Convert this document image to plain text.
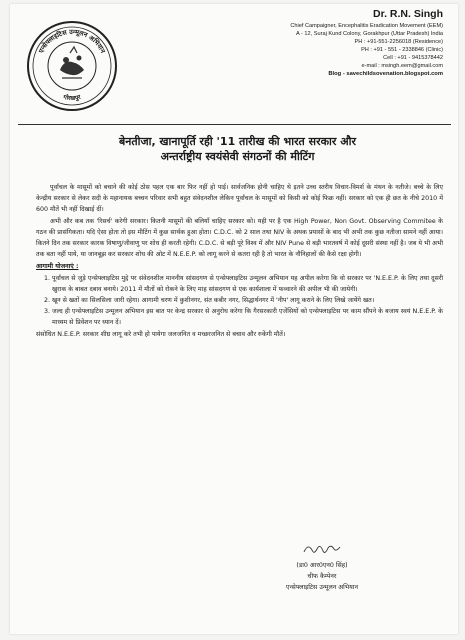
एन्सेफ्लाइटिस उन्मूलन अभियान
गोरखपुर
Dr. R.N. Singh
Chief Campaigner, Encephalitis Eradication Movement (EEM)
A - 12, Suraj Kund Colony, Gorakhpur (Uttar Pradesh) India
PH : +91-551-2256018 (Residence)
PH : +91 - 551 - 2338846 (Clinic)
Cell : +91 - 9415378442
e-mail : msingh.eem@gmail.com
Blog - savechildsovenation.blogspot.com
बेनतीजा, खानापूर्ति रही '11 तारीख की भारत सरकार और
अन्तर्राष्ट्रीय स्वयंसेवी संगठनों की मीटिंग

पूर्वांचल के मासूमों को बचाने की कोई ठोस पहल एक बार फिर नहीं हो पाई। सार्वजनिक होनी चाहिए थे इतने उच्च स्तरीय विचार-विमर्श के मंथन के नतीजे। बच्चे के लिए केन्द्रीय सरकार से लेकर सदी के महानायक बच्चन परिवार सभी बहुत संवेदनशील लेकिन पूर्वांचल के मासूमों को किसी को कोई फिक्र नहीं। सरकार को एक ही छत के नीचे 2010 में 600 मौतें भी नहीं दिखाई दीं।

अभी और कब तक 'रिसर्च' करेगी सरकार। कितनी मासूमों की बलियाँ चाहिए सरकार को। यही पर है एक High Power, Non Govt. Observing Commitee के गठन की प्रासंगिकता। यदि ऐसा होता तो इस मीटिंग में कुछ सार्थक हुआ होता। C.D.C. को 2 साल तथा NIV के अथक प्रयासों के बाद भी अभी तक कुछ नतीजा सामने नहीं आया। कितने दिन तक सरकार कारक विषाणु/जीवाणु पर शोध ही करती रहेगी। C.D.C. से बड़ी पूरे विश्व में और NIV Pune से बड़ी भारतवर्ष में कोई दूसरी संस्था नहीं है। जब ये भी अभी तक बता नहीं पाये, या जानबूझ कर सरकार शोध की ओट में N.E.E.P. को लागू करने से कतरा रही है तो भारत के नौनिहालों की कैसे रक्षा होगी।

आगामी योजनाएं :
1. पूर्वांचल से जुड़े एन्सेफ्लाइटिस मुद्दे पर संवेदनशील माननीय सांसदगण से एन्सेफ्लाइटिस उन्मूलन अभियान यह अपील करेगा कि वो सरकार पर 'N.E.E.P. के लिए तथा दूसरी खुराक के बाबत दबाव बनाये। 2011 में मौतों को रोकने के लिए माह सांसदगण से एक कार्यशाला में फव्वारने की अपील भी की जायेगी।
2. खून से खतों का सिलसिला जारी रहेगा। आगामी चरण में कुशीनगर, संत कबीर नगर, सिद्धार्थनगर में 'नीप' लागू कराने के लिए लिखे जायेंगे खत।
3. जल्द ही एन्सेफ्लाइटिस उन्मूलन अभियान इस बात पर केन्द्र सरकार से अनुरोध करेगा कि गैरसरकारी एजेंसियों को एन्सेफ्लाइटिस पर काम सौंपने के बजाय स्वयं N.E.E.P. के माध्यम से प्रिवेंशन पर ध्यान दें।

संसोधित N.E.E.P. सरकार शीघ्र लागू करे तभी हो पायेगा जलजनित व मच्छरजनित से बचाव और रुकेंगी मौतें।

(डा0 आर0एन0 सिंह)
चीफ कैम्पेनर
एन्सेफ्लाइटिस उन्मूलन अभियान
